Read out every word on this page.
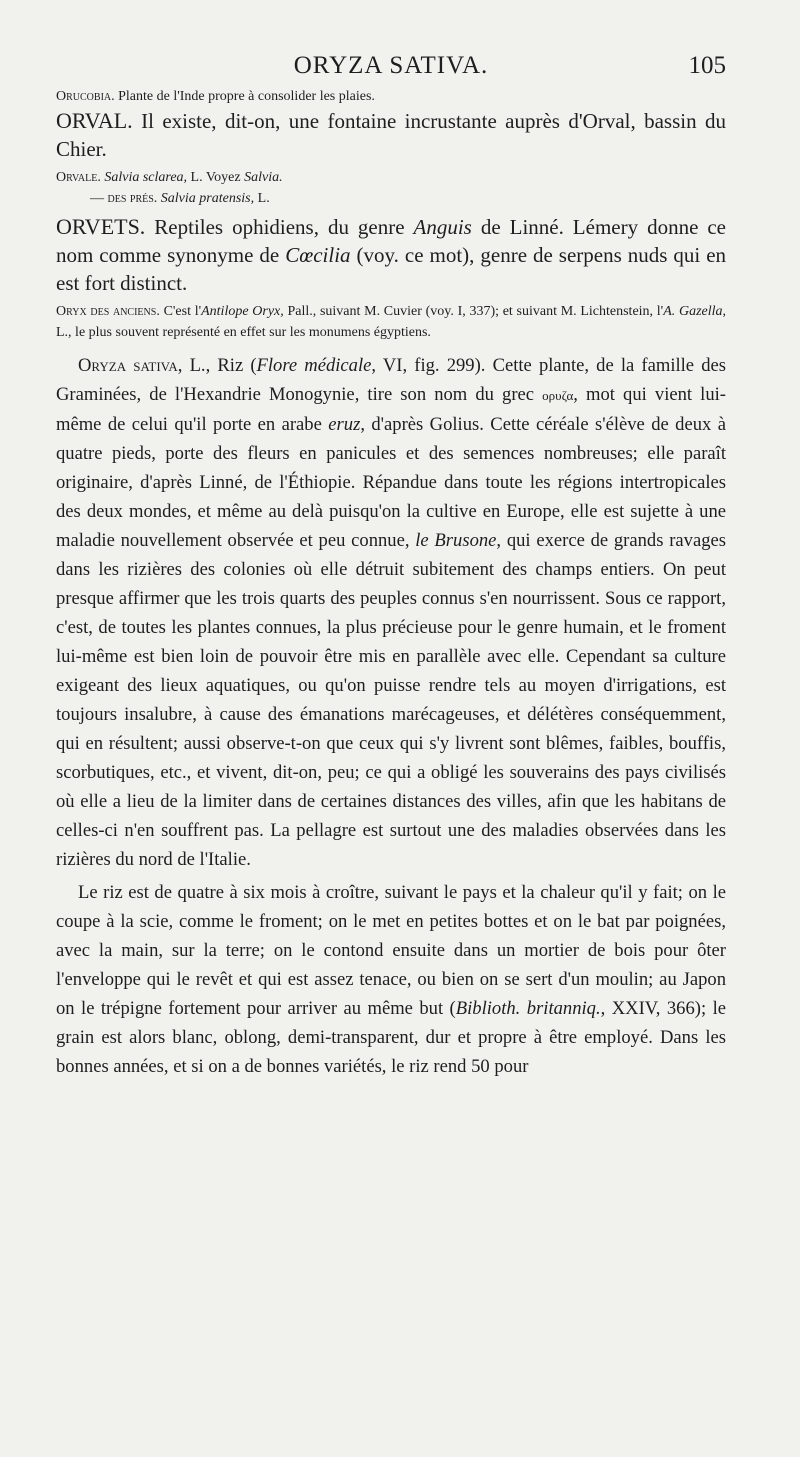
ORYZA SATIVA.	105

Orucobia. Plante de l'Inde propre à consolider les plaies.

ORVAL. Il existe, dit-on, une fontaine incrustante auprès d'Orval, bassin du Chier.

Orvale. Salvia sclarea, L. Voyez Salvia.

— des prés. Salvia pratensis, L.

ORVETS. Reptiles ophidiens, du genre Anguis de Linné. Lémery donne ce nom comme synonyme de Cœcilia (voy. ce mot), genre de serpens nuds qui en est fort distinct.

Oryx des anciens. C'est l'Antilope Oryx, Pall., suivant M. Cuvier (voy. I, 337); et suivant M. Lichtenstein, l'A. Gazella, L., le plus souvent représenté en effet sur les monumens égyptiens.

Oryza sativa, L., Riz (Flore médicale, VI, fig. 299). Cette plante, de la famille des Graminées, de l'Hexandrie Monogynie, tire son nom du grec ορυζα, mot qui vient lui-même de celui qu'il porte en arabe eruz, d'après Golius. Cette céréale s'élève de deux à quatre pieds, porte des fleurs en panicules et des semences nombreuses; elle paraît originaire, d'après Linné, de l'Éthiopie. Répandue dans toute les régions intertropicales des deux mondes, et même au delà puisqu'on la cultive en Europe, elle est sujette à une maladie nouvellement observée et peu connue, le Brusone, qui exerce de grands ravages dans les rizières des colonies où elle détruit subitement des champs entiers. On peut presque affirmer que les trois quarts des peuples connus s'en nourrissent. Sous ce rapport, c'est, de toutes les plantes connues, la plus précieuse pour le genre humain, et le froment lui-même est bien loin de pouvoir être mis en parallèle avec elle. Cependant sa culture exigeant des lieux aquatiques, ou qu'on puisse rendre tels au moyen d'irrigations, est toujours insalubre, à cause des émanations marécageuses, et délétères conséquemment, qui en résultent; aussi observe-t-on que ceux qui s'y livrent sont blêmes, faibles, bouffis, scorbutiques, etc., et vivent, dit-on, peu; ce qui a obligé les souverains des pays civilisés où elle a lieu de la limiter dans de certaines distances des villes, afin que les habitans de celles-ci n'en souffrent pas. La pellagre est surtout une des maladies observées dans les rizières du nord de l'Italie.

Le riz est de quatre à six mois à croître, suivant le pays et la chaleur qu'il y fait; on le coupe à la scie, comme le froment; on le met en petites bottes et on le bat par poignées, avec la main, sur la terre; on le contond ensuite dans un mortier de bois pour ôter l'enveloppe qui le revêt et qui est assez tenace, ou bien on se sert d'un moulin; au Japon on le trépigne fortement pour arriver au même but (Biblioth. britanniq., XXIV, 366); le grain est alors blanc, oblong, demi-transparent, dur et propre à être employé. Dans les bonnes années, et si on a de bonnes variétés, le riz rend 50 pour
